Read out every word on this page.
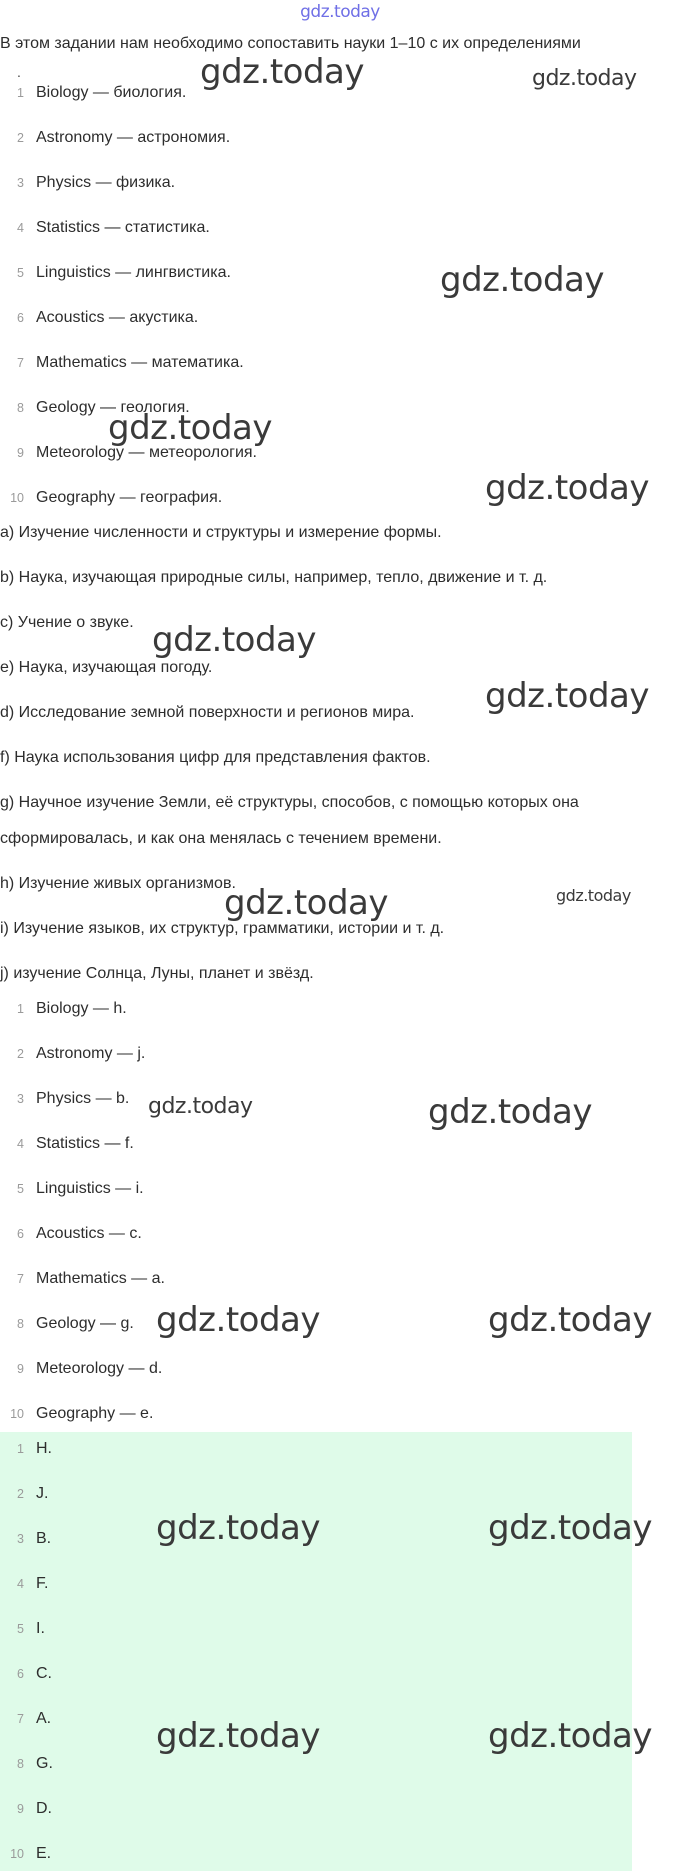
gdz.today
В этом задании нам необходимо сопоставить науки 1–10 с их определениями
.
1 Biology — биология.
2 Astronomy — астрономия.
3 Physics — физика.
4 Statistics — статистика.
5 Linguistics — лингвистика.
6 Acoustics — акустика.
7 Mathematics — математика.
8 Geology — геология.
9 Meteorology — метеорология.
10 Geography — география.
a) Изучение численности и структуры и измерение формы.
b) Наука, изучающая природные силы, например, тепло, движение и т. д.
c) Учение о звуке.
e) Наука, изучающая погоду.
d) Исследование земной поверхности и регионов мира.
f) Наука использования цифр для представления фактов.
g) Научное изучение Земли, её структуры, способов, с помощью которых она
сформировалась, и как она менялась с течением времени.
h) Изучение живых организмов.
i) Изучение языков, их структур, грамматики, истории и т. д.
j) изучение Солнца, Луны, планет и звёзд.
1 Biology — h.
2 Astronomy — j.
3 Physics — b.
4 Statistics — f.
5 Linguistics — i.
6 Acoustics — c.
7 Mathematics — a.
8 Geology — g.
9 Meteorology — d.
10 Geography — e.
1 H.
2 J.
3 B.
4 F.
5 I.
6 C.
7 A.
8 G.
9 D.
10 E.
gdz.today	gdz.today
gdz.today
gdz.today
gdz.today
gdz.today
gdz.today
gdz.today	gdz.today
gdz.today	gdz.today
gdz.today	gdz.today
gdz.today	gdz.today
gdz.today	gdz.today
